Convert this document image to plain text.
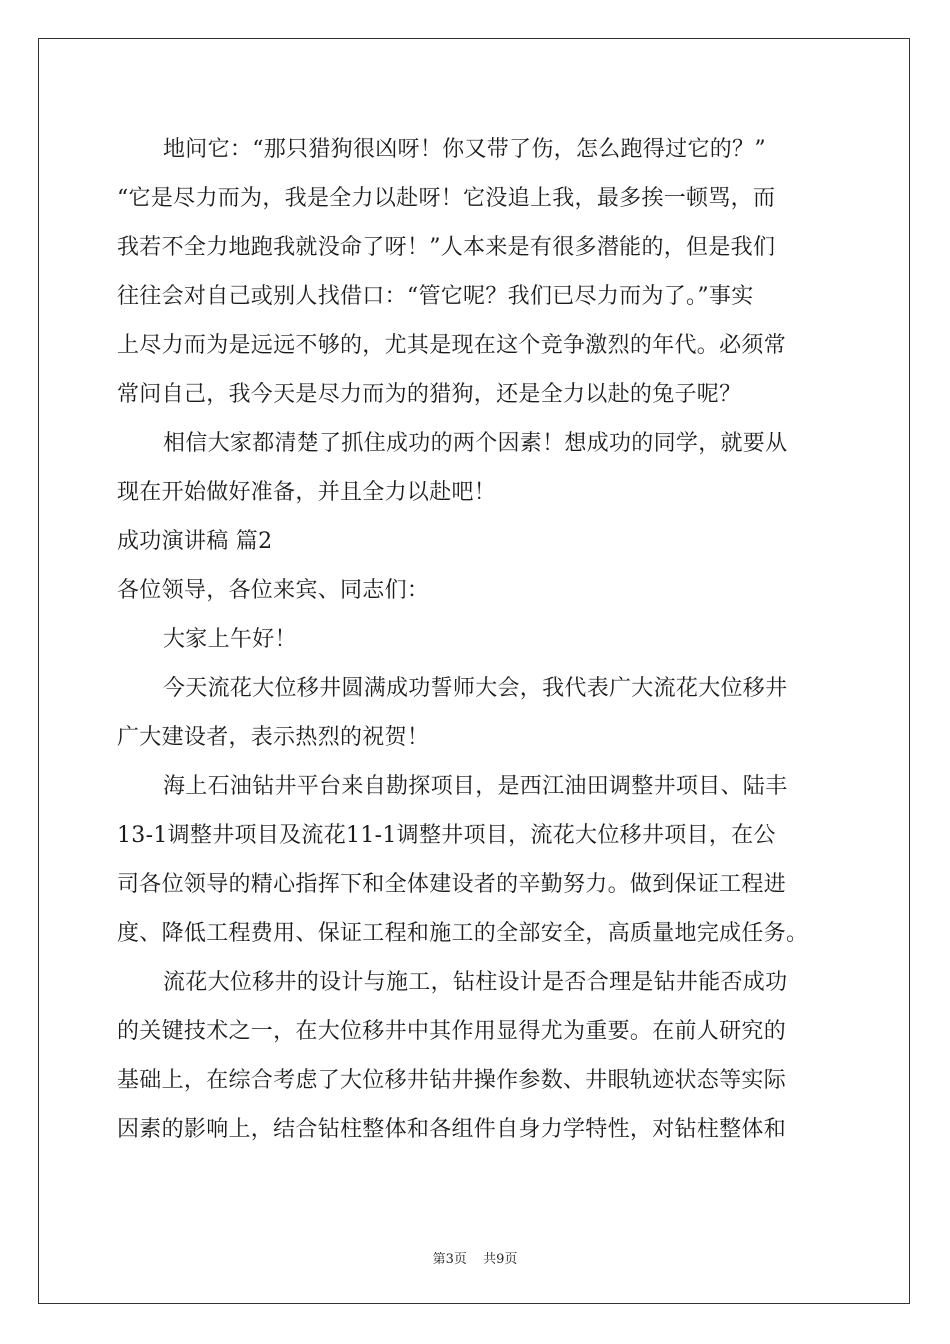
地问它：“那只猎狗很凶呀！你又带了伤，怎么跑得过它的？”
“它是尽力而为，我是全力以赴呀！它没追上我，最多挨一顿骂，而
我若不全力地跑我就没命了呀！”人本来是有很多潜能的，但是我们
往往会对自己或别人找借口：“管它呢？我们已尽力而为了。”事实
上尽力而为是远远不够的，尤其是现在这个竞争激烈的年代。必须常
常问自己，我今天是尽力而为的猎狗，还是全力以赴的兔子呢？
相信大家都清楚了抓住成功的两个因素！想成功的同学，就要从
现在开始做好准备，并且全力以赴吧！
成功演讲稿 篇2
各位领导，各位来宾、同志们：
大家上午好！
今天流花大位移井圆满成功誓师大会，我代表广大流花大位移井
广大建设者，表示热烈的祝贺！
海上石油钻井平台来自勘探项目，是西江油田调整井项目、陆丰
13-1调整井项目及流花11-1调整井项目，流花大位移井项目，在公
司各位领导的精心指挥下和全体建设者的辛勤努力。做到保证工程进
度、降低工程费用、保证工程和施工的全部安全，高质量地完成任务。
流花大位移井的设计与施工，钻柱设计是否合理是钻井能否成功
的关键技术之一，在大位移井中其作用显得尤为重要。在前人研究的
基础上，在综合考虑了大位移井钻井操作参数、井眼轨迹状态等实际
因素的影响上，结合钻柱整体和各组件自身力学特性，对钻柱整体和
第3页 共9页
